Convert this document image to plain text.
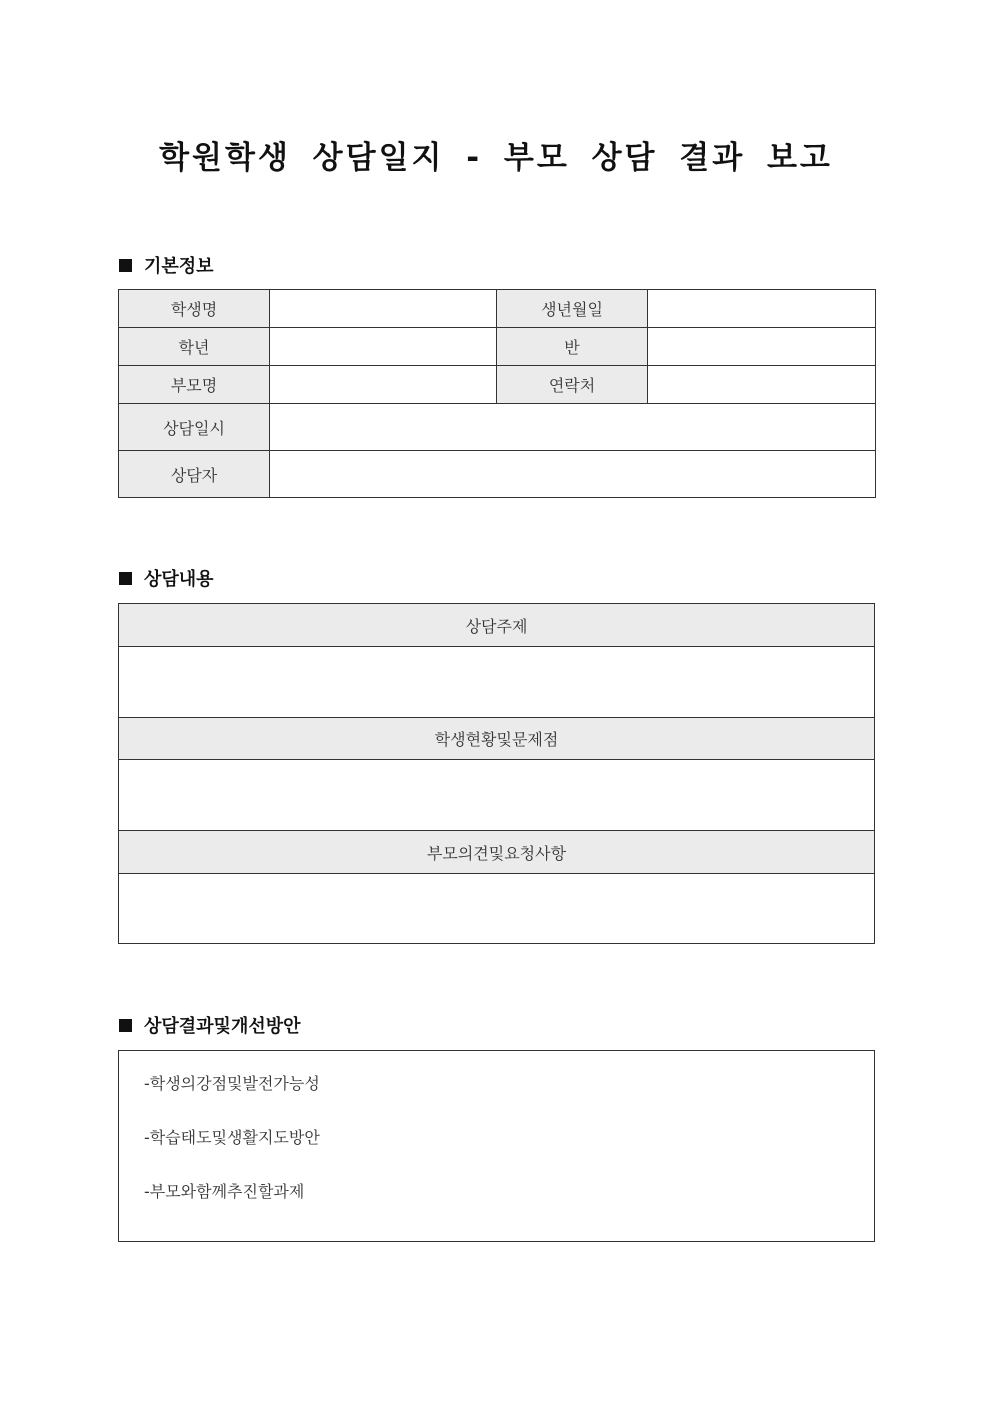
학원학생 상담일지 - 부모 상담 결과 보고
기본정보
학생명		생년월일	
학년		반	
부모명		연락처	
상담일시			
상담자			
상담내용
상담주제

학생현황및문제점

부모의견및요청사항

상담결과및개선방안
-학생의강점및발전가능성
-학습태도및생활지도방안
-부모와함께추진할과제
